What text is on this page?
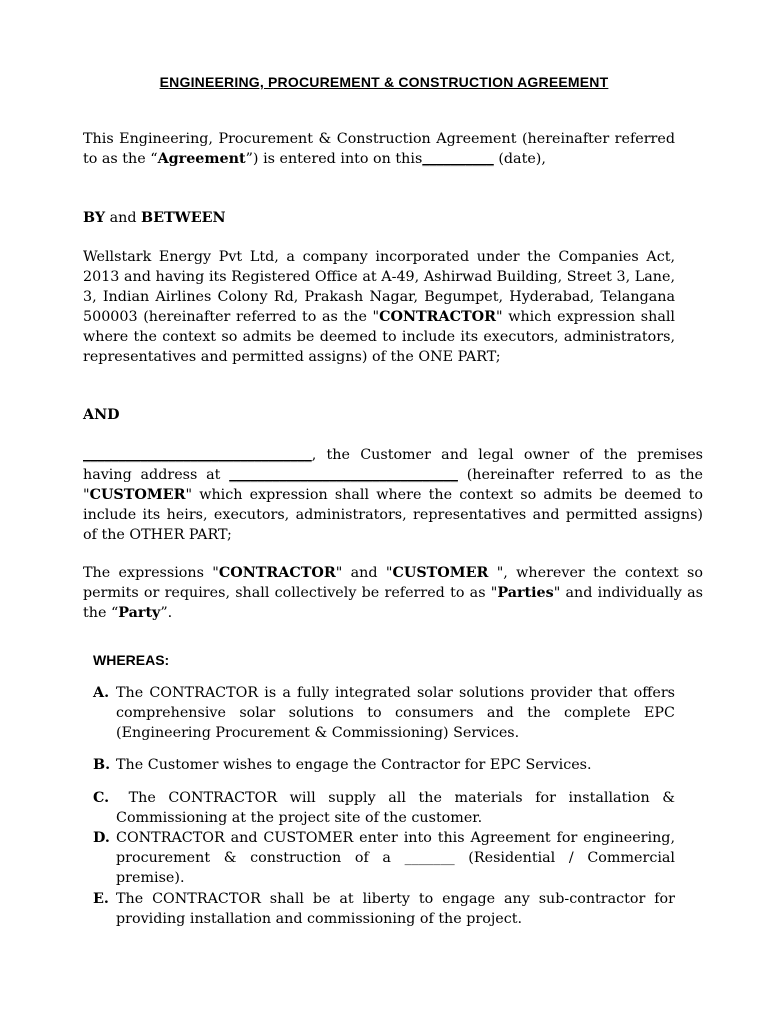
ENGINEERING, PROCUREMENT & CONSTRUCTION AGREEMENT
This Engineering, Procurement & Construction Agreement (hereinafter referred to as the “Agreement”) is entered into on this__________ (date),
BY and BETWEEN
Wellstark Energy Pvt Ltd, a company incorporated under the Companies Act, 2013 and having its Registered Office at A-49, Ashirwad Building, Street 3, Lane, 3, Indian Airlines Colony Rd, Prakash Nagar, Begumpet, Hyderabad, Telangana 500003 (hereinafter referred to as the "CONTRACTOR" which expression shall where the context so admits be deemed to include its executors, administrators, representatives and permitted assigns) of the ONE PART;
AND
________________________________, the Customer and legal owner of the premises having address at ________________________________ (hereinafter referred to as the "CUSTOMER" which expression shall where the context so admits be deemed to include its heirs, executors, administrators, representatives and permitted assigns) of the OTHER PART;
The expressions "CONTRACTOR" and "CUSTOMER ", wherever the context so permits or requires, shall collectively be referred to as "Parties" and individually as the “Party”.
WHEREAS:
A. The CONTRACTOR is a fully integrated solar solutions provider that offers comprehensive solar solutions to consumers and the complete EPC (Engineering Procurement & Commissioning) Services.
B. The Customer wishes to engage the Contractor for EPC Services.
C. The CONTRACTOR will supply all the materials for installation & Commissioning at the project site of the customer.
D. CONTRACTOR and CUSTOMER enter into this Agreement for engineering, procurement & construction of a _______ (Residential / Commercial premise).
E. The CONTRACTOR shall be at liberty to engage any sub-contractor for providing installation and commissioning of the project.
